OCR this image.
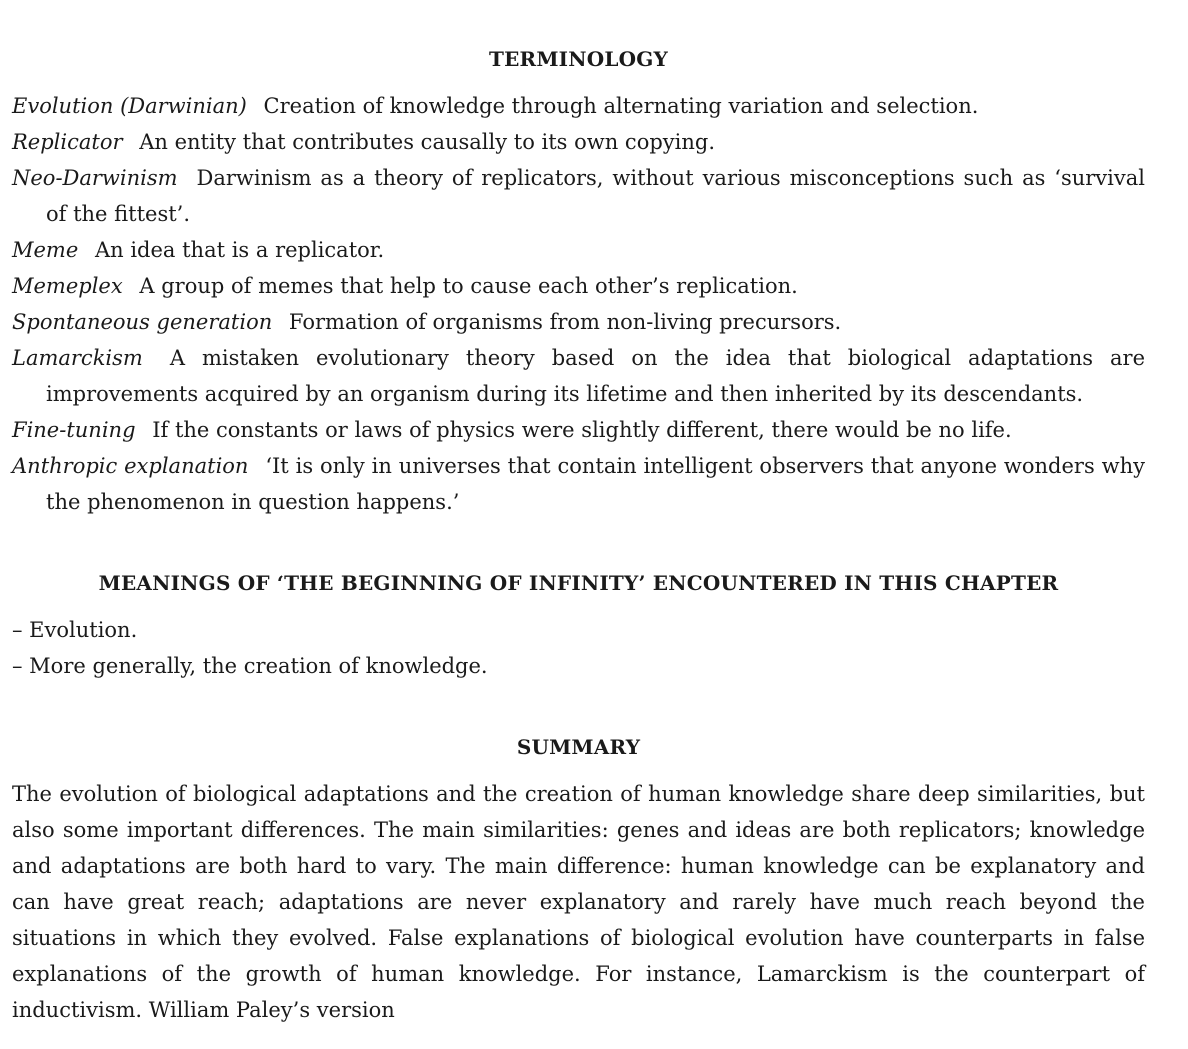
TERMINOLOGY

Evolution (Darwinian) Creation of knowledge through alternating variation and selection.

Replicator An entity that contributes causally to its own copying.

Neo-Darwinism Darwinism as a theory of replicators, without various misconceptions such as ‘survival of the fittest’.

Meme An idea that is a replicator.

Memeplex A group of memes that help to cause each other’s replication.

Spontaneous generation Formation of organisms from non-living precursors.

Lamarckism A mistaken evolutionary theory based on the idea that biological adaptations are improvements acquired by an organism during its lifetime and then inherited by its descendants.

Fine-tuning If the constants or laws of physics were slightly different, there would be no life.

Anthropic explanation ‘It is only in universes that contain intelligent observers that anyone wonders why the phenomenon in question happens.’

MEANINGS OF ‘THE BEGINNING OF INFINITY’ ENCOUNTERED IN THIS CHAPTER

– Evolution.

– More generally, the creation of knowledge.

SUMMARY

The evolution of biological adaptations and the creation of human knowledge share deep similarities, but also some important differences. The main similarities: genes and ideas are both replicators; knowledge and adaptations are both hard to vary. The main difference: human knowledge can be explanatory and can have great reach; adaptations are never explanatory and rarely have much reach beyond the situations in which they evolved. False explanations of biological evolution have counterparts in false explanations of the growth of human knowledge. For instance, Lamarckism is the counterpart of inductivism. William Paley’s version
